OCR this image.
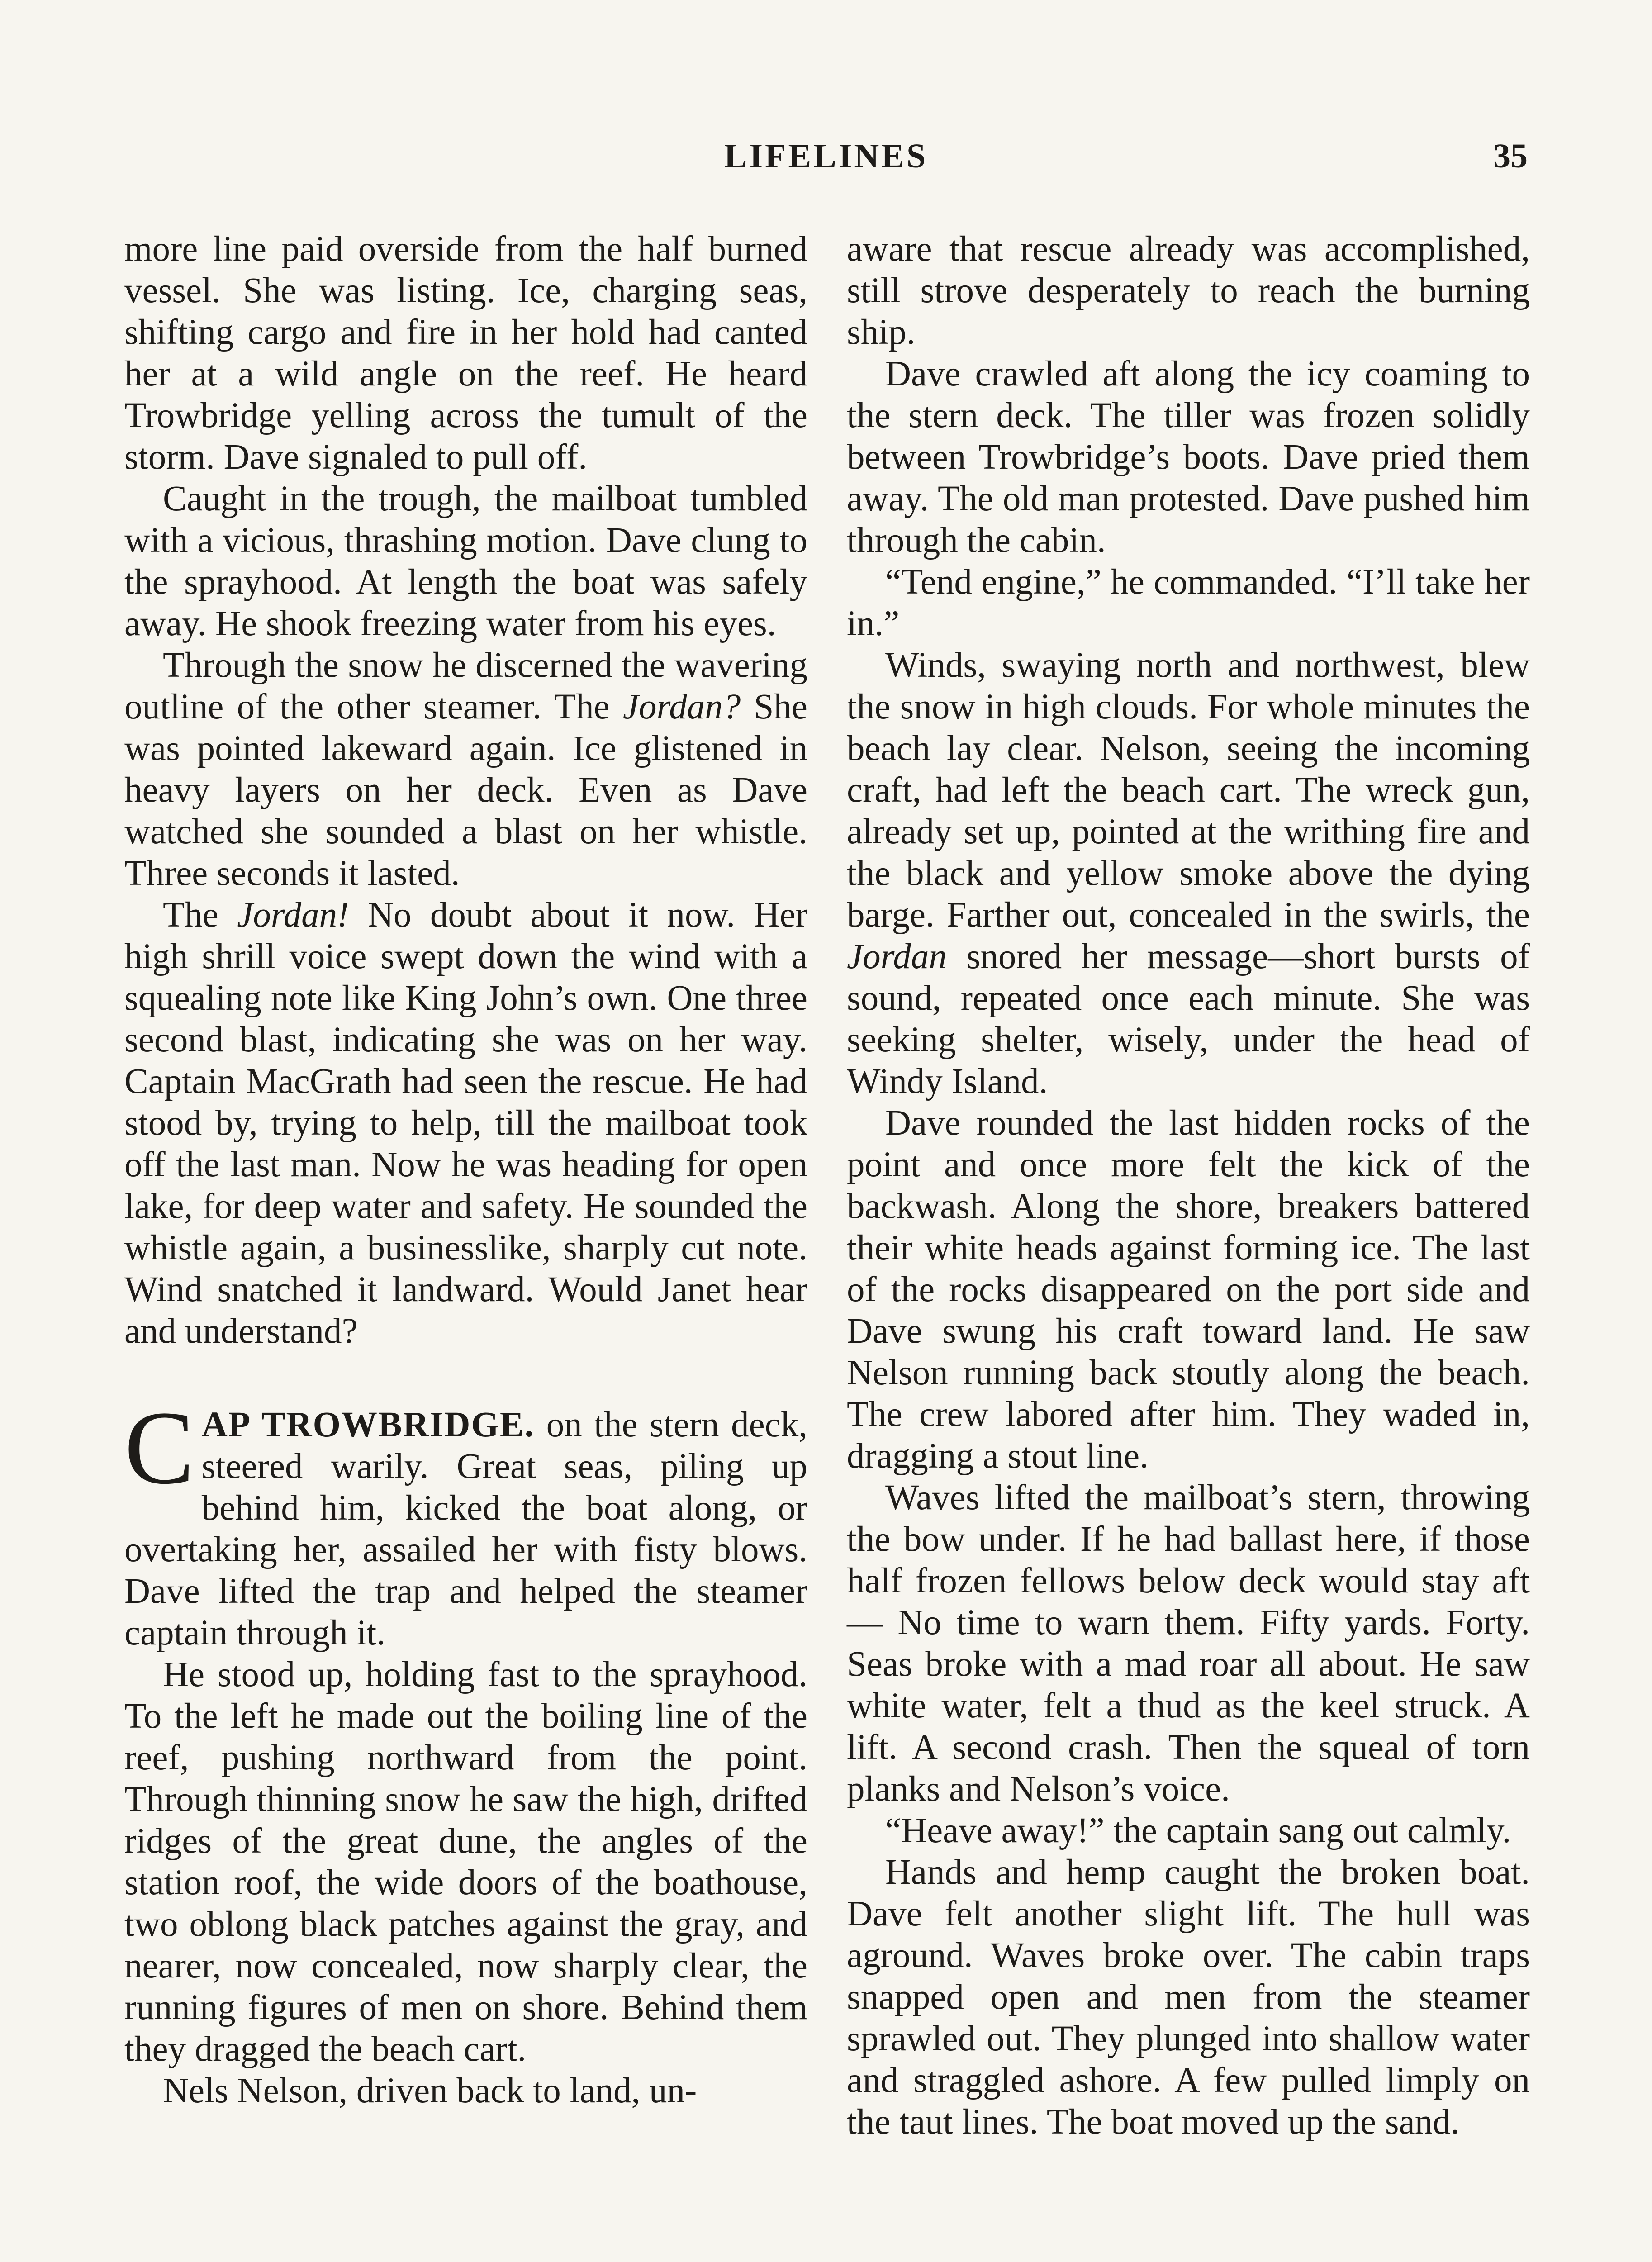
LIFELINES	35

more line paid overside from the half burned vessel. She was listing. Ice, charging seas, shifting cargo and fire in her hold had canted her at a wild angle on the reef. He heard Trowbridge yelling across the tumult of the storm. Dave signaled to pull off.

Caught in the trough, the mailboat tumbled with a vicious, thrashing motion. Dave clung to the sprayhood. At length the boat was safely away. He shook freezing water from his eyes.

Through the snow he discerned the wavering outline of the other steamer. The Jordan? She was pointed lakeward again. Ice glistened in heavy layers on her deck. Even as Dave watched she sounded a blast on her whistle. Three seconds it lasted.

The Jordan! No doubt about it now. Her high shrill voice swept down the wind with a squealing note like King John’s own. One three second blast, indicating she was on her way. Captain MacGrath had seen the rescue. He had stood by, trying to help, till the mailboat took off the last man. Now he was heading for open lake, for deep water and safety. He sounded the whistle again, a businesslike, sharply cut note. Wind snatched it landward. Would Janet hear and understand?

CAP TROWBRIDGE. on the stern deck, steered warily. Great seas, piling up behind him, kicked the boat along, or overtaking her, assailed her with fisty blows. Dave lifted the trap and helped the steamer captain through it.

He stood up, holding fast to the sprayhood. To the left he made out the boiling line of the reef, pushing northward from the point. Through thinning snow he saw the high, drifted ridges of the great dune, the angles of the station roof, the wide doors of the boathouse, two oblong black patches against the gray, and nearer, now concealed, now sharply clear, the running figures of men on shore. Behind them they dragged the beach cart.

Nels Nelson, driven back to land, un-

aware that rescue already was accomplished, still strove desperately to reach the burning ship.

Dave crawled aft along the icy coaming to the stern deck. The tiller was frozen solidly between Trowbridge’s boots. Dave pried them away. The old man protested. Dave pushed him through the cabin.

“Tend engine,” he commanded. “I’ll take her in.”

Winds, swaying north and northwest, blew the snow in high clouds. For whole minutes the beach lay clear. Nelson, seeing the incoming craft, had left the beach cart. The wreck gun, already set up, pointed at the writhing fire and the black and yellow smoke above the dying barge. Farther out, concealed in the swirls, the Jordan snored her message—short bursts of sound, repeated once each minute. She was seeking shelter, wisely, under the head of Windy Island.

Dave rounded the last hidden rocks of the point and once more felt the kick of the backwash. Along the shore, breakers battered their white heads against forming ice. The last of the rocks disappeared on the port side and Dave swung his craft toward land. He saw Nelson running back stoutly along the beach. The crew labored after him. They waded in, dragging a stout line.

Waves lifted the mailboat’s stern, throwing the bow under. If he had ballast here, if those half frozen fellows below deck would stay aft— No time to warn them. Fifty yards. Forty. Seas broke with a mad roar all about. He saw white water, felt a thud as the keel struck. A lift. A second crash. Then the squeal of torn planks and Nelson’s voice.

“Heave away!” the captain sang out calmly.

Hands and hemp caught the broken boat. Dave felt another slight lift. The hull was aground. Waves broke over. The cabin traps snapped open and men from the steamer sprawled out. They plunged into shallow water and straggled ashore. A few pulled limply on the taut lines. The boat moved up the sand.
